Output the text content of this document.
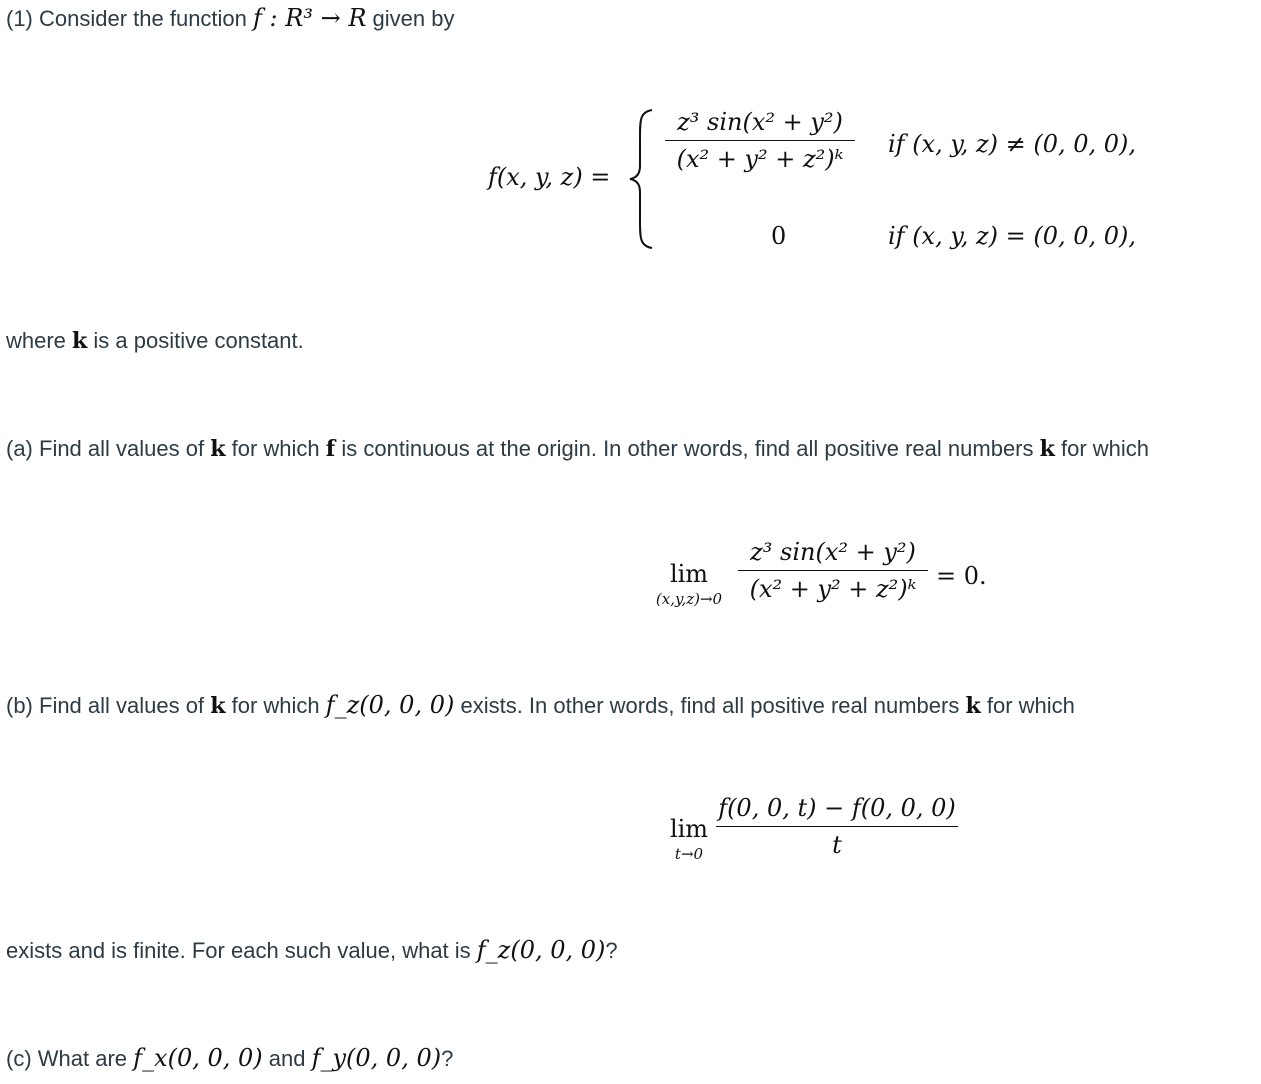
(1) Consider the function f : R³ → R given by
f(x, y, z) =
$\frac{\text{z³ sin(x² + y²)}}{\text{(x² + y² + z²)ᵏ}}$ if (x, y, z) ≠ (0, 0, 0),
0	if (x, y, z) = (0, 0, 0),
where k is a positive constant.
(a) Find all values of k for which f is continuous at the origin. In other words, find all positive real numbers k for which
lim
$(x,y,z)\to 0 \frac{\text{z³ sin(x² + y²)}}{\text{(x² + y² + z²)ᵏ}} = 0$.
(b) Find all values of k for which f_z(0, 0, 0) exists. In other words, find all positive real numbers k for which
lim
$t\to 0 \frac{f(0, 0, t) - f(0, 0, 0)}{t}$
exists and is finite. For each such value, what is f_z(0, 0, 0)?
(c) What are f_x(0, 0, 0) and f_y(0, 0, 0)?
